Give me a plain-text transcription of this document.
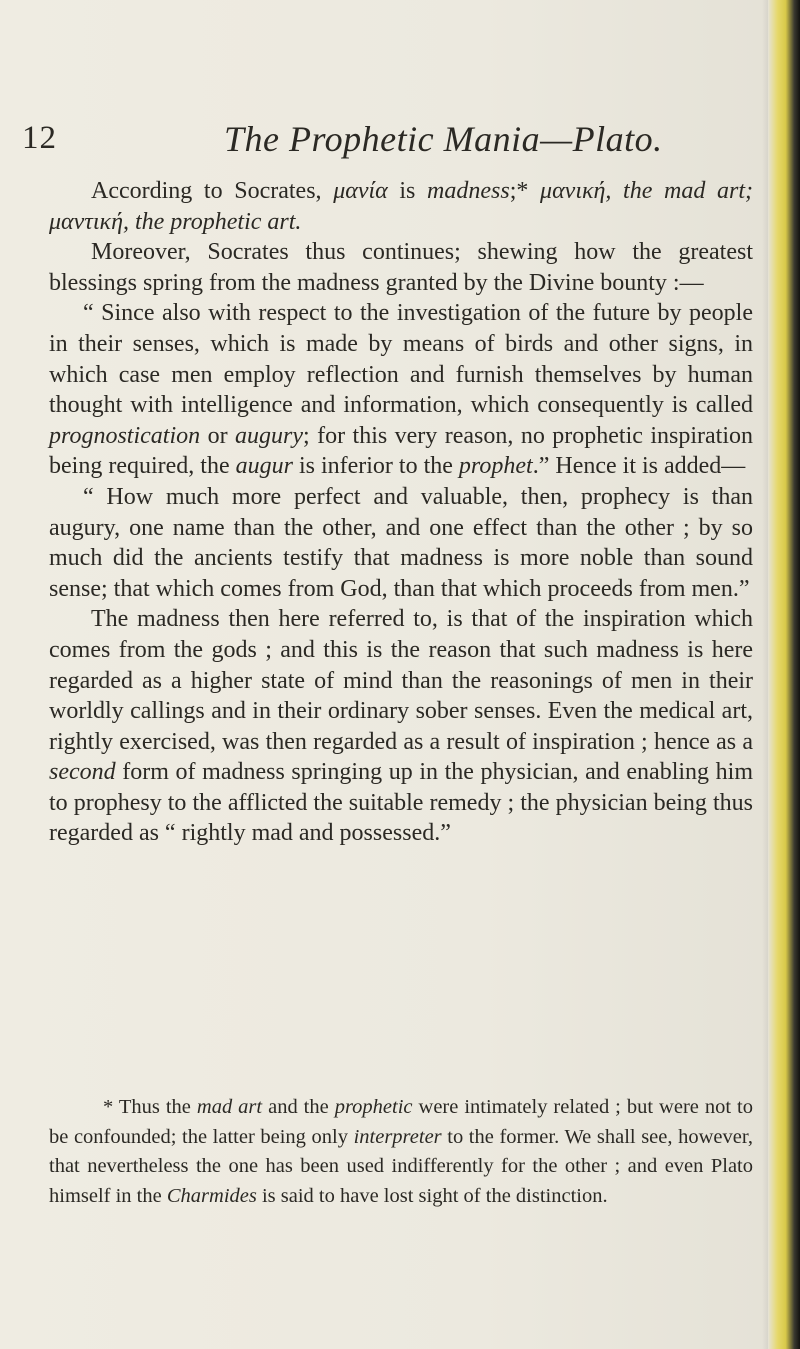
12	The Prophetic Mania—Plato.

According to Socrates, μανία is madness;* μανική, the mad art; μαντική, the prophetic art.

Moreover, Socrates thus continues; shewing how the greatest blessings spring from the madness granted by the Divine bounty :—

“ Since also with respect to the investigation of the future by people in their senses, which is made by means of birds and other signs, in which case men employ reflection and furnish themselves by human thought with intelligence and information, which consequently is called prognostication or augury; for this very reason, no prophetic inspiration being required, the augur is inferior to the prophet.” Hence it is added—

“ How much more perfect and valuable, then, prophecy is than augury, one name than the other, and one effect than the other ; by so much did the ancients testify that madness is more noble than sound sense; that which comes from God, than that which proceeds from men.”

The madness then here referred to, is that of the inspiration which comes from the gods ; and this is the reason that such madness is here regarded as a higher state of mind than the reasonings of men in their worldly callings and in their ordinary sober senses. Even the medical art, rightly exercised, was then regarded as a result of inspiration ; hence as a second form of madness springing up in the physician, and enabling him to prophesy to the afflicted the suitable remedy ; the physician being thus regarded as “ rightly mad and possessed.”

* Thus the mad art and the prophetic were intimately related ; but were not to be confounded; the latter being only interpreter to the former. We shall see, however, that nevertheless the one has been used indifferently for the other ; and even Plato himself in the Charmides is said to have lost sight of the distinction.
